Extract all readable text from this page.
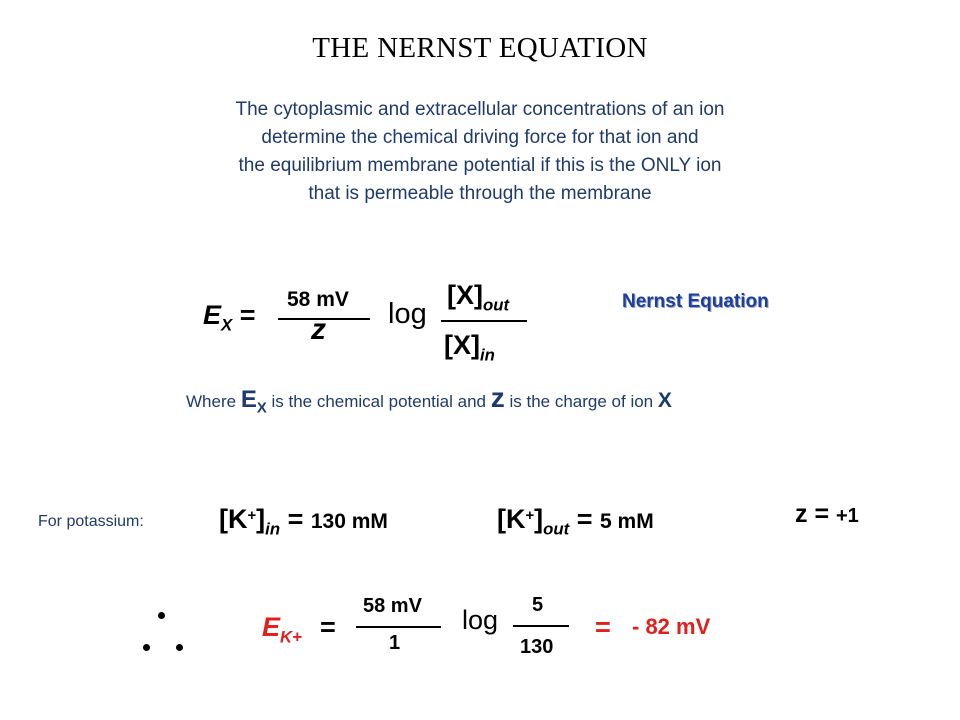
THE NERNST EQUATION
The cytoplasmic and extracellular concentrations of an ion
determine the chemical driving force for that ion and
the equilibrium membrane potential if this is the ONLY ion
that is permeable through the membrane
$E_X$ =
58 mV
z log
$[X]_{out}$
$[X]_{in}$
Nernst Equation
Where $E_X$ is the chemical potential and z is the charge of ion X
For potassium:	$[K^+]_{in} = 130$ mM	$[K^+]_{out} = 5$ mM	z = +1
$E_{K+}$ =
58 mV
1
log 5
130
= - 82 mV
